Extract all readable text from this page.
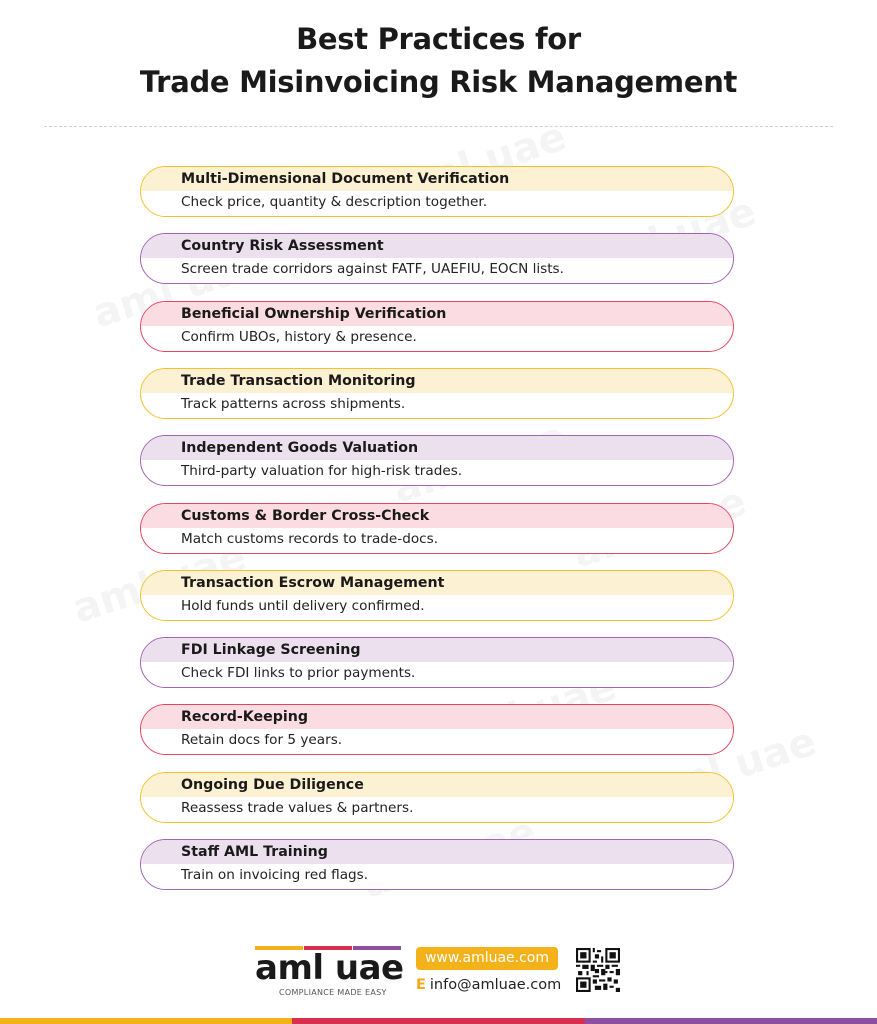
Best Practices for
Trade Misinvoicing Risk Management
Multi-Dimensional Document Verification
Check price, quantity & description together.
Country Risk Assessment
Screen trade corridors against FATF, UAEFIU, EOCN lists.
Beneficial Ownership Verification
Confirm UBOs, history & presence.
Trade Transaction Monitoring
Track patterns across shipments.
Independent Goods Valuation
Third-party valuation for high-risk trades.
Customs & Border Cross-Check
Match customs records to trade-docs.
Transaction Escrow Management
Hold funds until delivery confirmed.
FDI Linkage Screening
Check FDI links to prior payments.
Record-Keeping
Retain docs for 5 years.
Ongoing Due Diligence
Reassess trade values & partners.
Staff AML Training
Train on invoicing red flags.
aml uae
COMPLIANCE MADE EASY
www.amluae.com
E info@amluae.com
